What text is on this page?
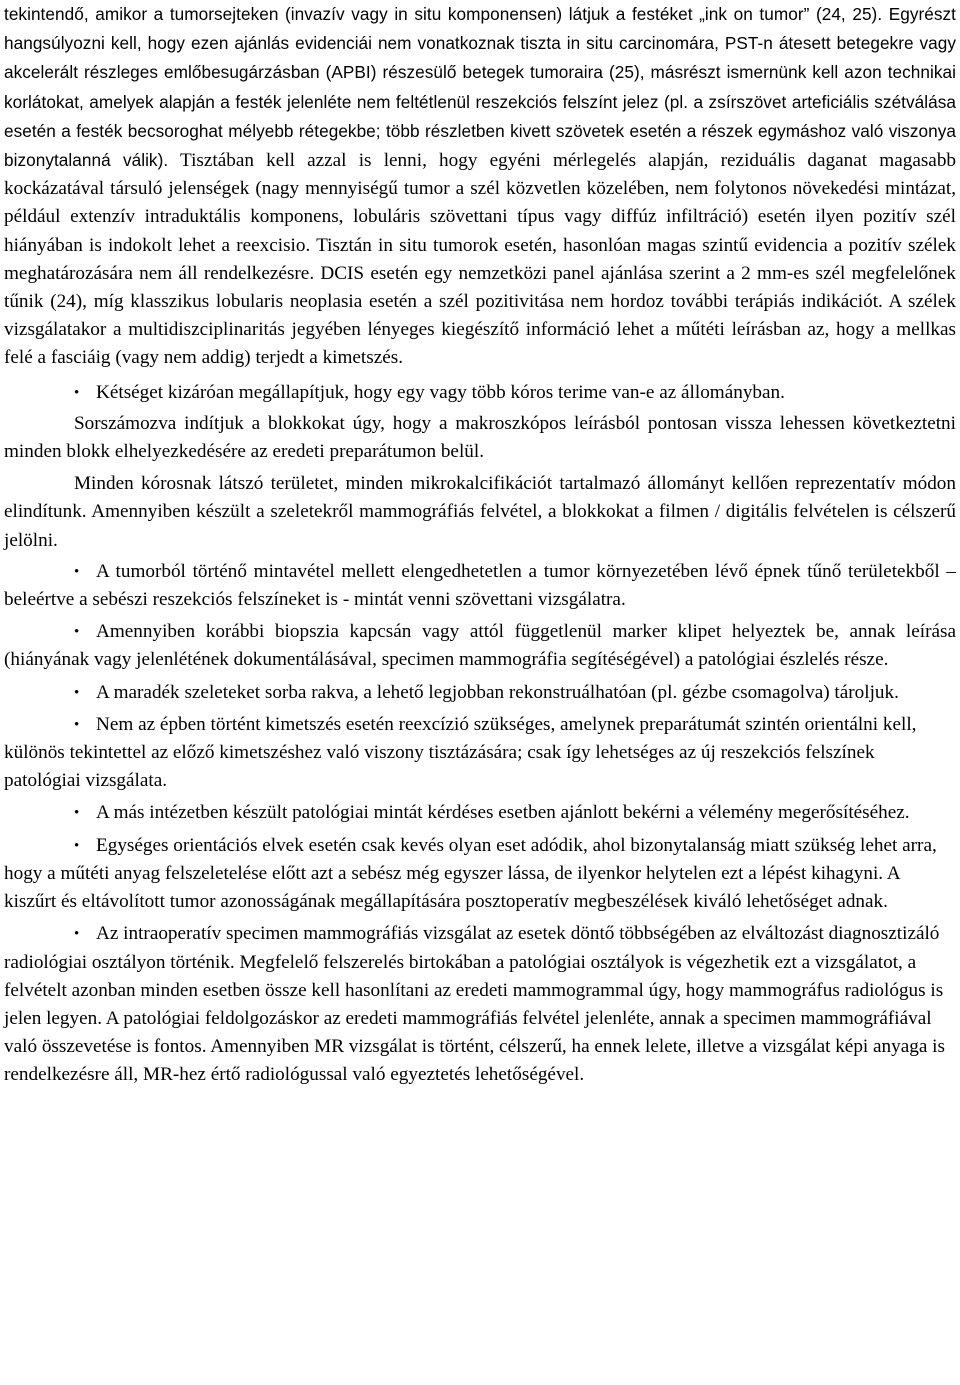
tekintendő, amikor a tumorsejteken (invazív vagy in situ komponensen) látjuk a festéket „ink on tumor” (24, 25). Egyrészt hangsúlyozni kell, hogy ezen ajánlás evidenciái nem vonatkoznak tiszta in situ carcinomára, PST-n átesett betegekre vagy akcelerált részleges emlőbesugárzásban (APBI) részesülő betegek tumoraira (25), másrészt ismernünk kell azon technikai korlátokat, amelyek alapján a festék jelenléte nem feltétlenül reszekciós felszínt jelez (pl. a zsírszövet arteficiális szétválása esetén a festék becsoroghat mélyebb rétegekbe; több részletben kivett szövetek esetén a részek egymáshoz való viszonya bizonytalanná válik). Tisztában kell azzal is lenni, hogy egyéni mérlegelés alapján, reziduális daganat magasabb kockázatával társuló jelenségek (nagy mennyiségű tumor a szél közvetlen közelében, nem folytonos növekedési mintázat, például extenzív intraduktális komponens, lobuláris szövettani típus vagy diffúz infiltráció) esetén ilyen pozitív szél hiányában is indokolt lehet a reexcisio. Tisztán in situ tumorok esetén, hasonlóan magas szintű evidencia a pozitív szélek meghatározására nem áll rendelkezésre. DCIS esetén egy nemzetközi panel ajánlása szerint a 2 mm-es szél megfelelőnek tűnik (24), míg klasszikus lobularis neoplasia esetén a szél pozitivitása nem hordoz további terápiás indikációt. A szélek vizsgálatakor a multidiszciplinaritás jegyében lényeges kiegészítő információ lehet a műtéti leírásban az, hogy a mellkas felé a fasciáig (vagy nem addig) terjedt a kimetszés.

• Kétséget kizáróan megállapítjuk, hogy egy vagy több kóros terime van-e az állományban.

Sorszámozva indítjuk a blokkokat úgy, hogy a makroszkópos leírásból pontosan vissza lehessen következtetni minden blokk elhelyezkedésére az eredeti preparátumon belül.

Minden kórosnak látszó területet, minden mikrokalcifikációt tartalmazó állományt kellően reprezentatív módon elindítunk. Amennyiben készült a szeletekről mammográfiás felvétel, a blokkokat a filmen / digitális felvételen is célszerű jelölni.

• A tumorból történő mintavétel mellett elengedhetetlen a tumor környezetében lévő épnek tűnő területekből – beleértve a sebészi reszekciós felszíneket is - mintát venni szövettani vizsgálatra.

• Amennyiben korábbi biopszia kapcsán vagy attól függetlenül marker klipet helyeztek be, annak leírása (hiányának vagy jelenlétének dokumentálásával, specimen mammográfia segítéségével) a patológiai észlelés része.

• A maradék szeleteket sorba rakva, a lehető legjobban rekonstruálhatóan (pl. gézbe csomagolva) tároljuk.

• Nem az épben történt kimetszés esetén reexcízió szükséges, amelynek preparátumát szintén orientálni kell, különös tekintettel az előző kimetszéshez való viszony tisztázására; csak így lehetséges az új reszekciós felszínek patológiai vizsgálata.

• A más intézetben készült patológiai mintát kérdéses esetben ajánlott bekérni a vélemény megerősítéséhez.

• Egységes orientációs elvek esetén csak kevés olyan eset adódik, ahol bizonytalanság miatt szükség lehet arra, hogy a műtéti anyag felszeletelése előtt azt a sebész még egyszer lássa, de ilyenkor helytelen ezt a lépést kihagyni. A kiszűrt és eltávolított tumor azonosságának megállapítására posztoperatív megbeszélések kiváló lehetőséget adnak.

• Az intraoperatív specimen mammográfiás vizsgálat az esetek döntő többségében az elváltozást diagnosztizáló radiológiai osztályon történik. Megfelelő felszerelés birtokában a patológiai osztályok is végezhetik ezt a vizsgálatot, a felvételt azonban minden esetben össze kell hasonlítani az eredeti mammogrammal úgy, hogy mammográfus radiológus is jelen legyen. A patológiai feldolgozáskor az eredeti mammográfiás felvétel jelenléte, annak a specimen mammográfiával való összevetése is fontos. Amennyiben MR vizsgálat is történt, célszerű, ha ennek lelete, illetve a vizsgálat képi anyaga is rendelkezésre áll, MR-hez értő radiológussal való egyeztetés lehetőségével.
